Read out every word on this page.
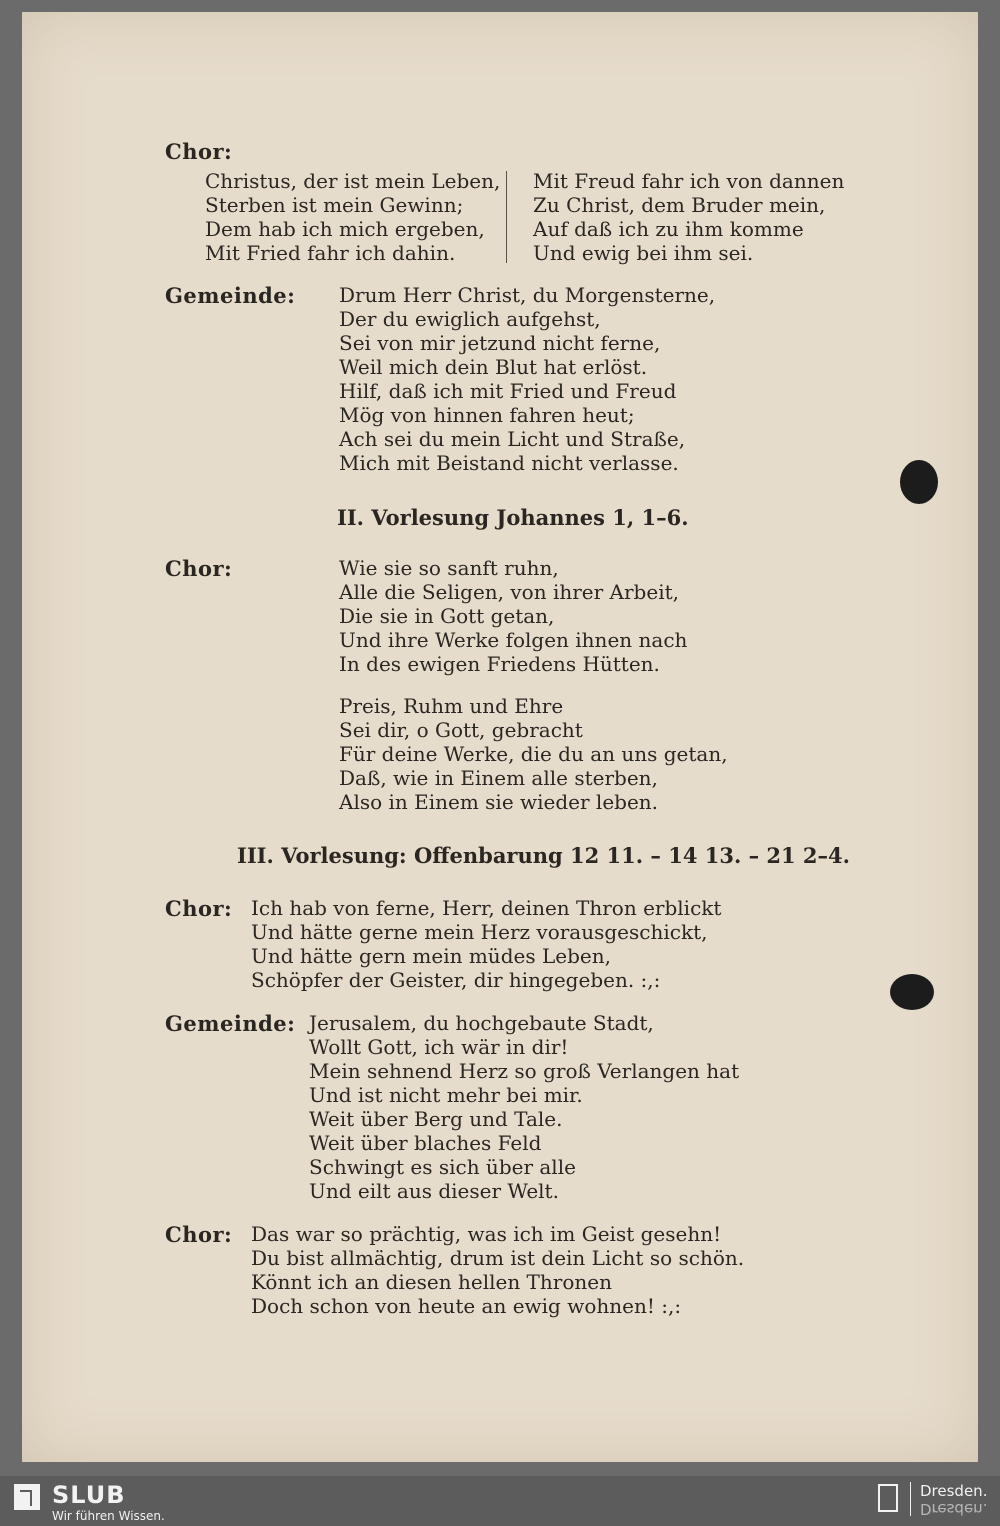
Chor:
Christus, der ist mein Leben,
Sterben ist mein Gewinn;
Dem hab ich mich ergeben,
Mit Fried fahr ich dahin.
Mit Freud fahr ich von dannen
Zu Christ, dem Bruder mein,
Auf daß ich zu ihm komme
Und ewig bei ihm sei.
Gemeinde: Drum Herr Christ, du Morgensterne,
Der du ewiglich aufgehst,
Sei von mir jetzund nicht ferne,
Weil mich dein Blut hat erlöst.
Hilf, daß ich mit Fried und Freud
Mög von hinnen fahren heut;
Ach sei du mein Licht und Straße,
Mich mit Beistand nicht verlasse.
II. Vorlesung Johannes 1, 1–6.
Chor:	Wie sie so sanft ruhn,
Alle die Seligen, von ihrer Arbeit,
Die sie in Gott getan,
Und ihre Werke folgen ihnen nach
In des ewigen Friedens Hütten.
Preis, Ruhm und Ehre
Sei dir, o Gott, gebracht
Für deine Werke, die du an uns getan,
Daß, wie in Einem alle sterben,
Also in Einem sie wieder leben.
III. Vorlesung: Offenbarung 12 11. – 14 13. – 21 2–4.
Chor: Ich hab von ferne, Herr, deinen Thron erblickt
Und hätte gerne mein Herz vorausgeschickt,
Und hätte gern mein müdes Leben,
Schöpfer der Geister, dir hingegeben. :,:
Gemeinde: Jerusalem, du hochgebaute Stadt,
Wollt Gott, ich wär in dir!
Mein sehnend Herz so groß Verlangen hat
Und ist nicht mehr bei mir.
Weit über Berg und Tale.
Weit über blaches Feld
Schwingt es sich über alle
Und eilt aus dieser Welt.
Chor: Das war so prächtig, was ich im Geist gesehn!
Du bist allmächtig, drum ist dein Licht so schön.
Könnt ich an diesen hellen Thronen
Doch schon von heute an ewig wohnen! :,:
SLUB
Wir führen Wissen.
Dresden.
Dresden.
